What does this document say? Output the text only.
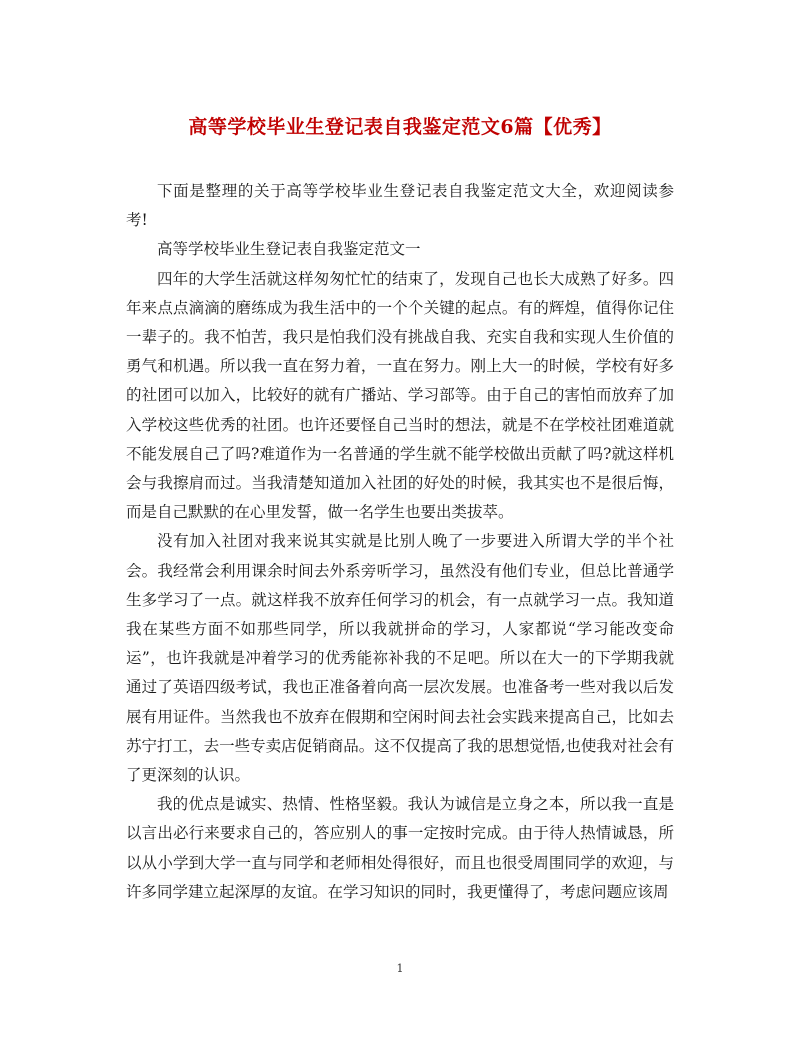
高等学校毕业生登记表自我鉴定范文6篇【优秀】

下面是整理的关于高等学校毕业生登记表自我鉴定范文大全，欢迎阅读参考!

高等学校毕业生登记表自我鉴定范文一

四年的大学生活就这样匆匆忙忙的结束了，发现自己也长大成熟了好多。四年来点点滴滴的磨练成为我生活中的一个个关键的起点。有的辉煌，值得你记住一辈子的。我不怕苦，我只是怕我们没有挑战自我、充实自我和实现人生价值的勇气和机遇。所以我一直在努力着，一直在努力。刚上大一的时候，学校有好多的社团可以加入，比较好的就有广播站、学习部等。由于自己的害怕而放弃了加入学校这些优秀的社团。也许还要怪自己当时的想法，就是不在学校社团难道就不能发展自己了吗?难道作为一名普通的学生就不能学校做出贡献了吗?就这样机会与我擦肩而过。当我清楚知道加入社团的好处的时候，我其实也不是很后悔，而是自己默默的在心里发誓，做一名学生也要出类拔萃。

没有加入社团对我来说其实就是比别人晚了一步要进入所谓大学的半个社会。我经常会利用课余时间去外系旁听学习，虽然没有他们专业，但总比普通学生多学习了一点。就这样我不放弃任何学习的机会，有一点就学习一点。我知道我在某些方面不如那些同学，所以我就拼命的学习，人家都说“学习能改变命运”，也许我就是冲着学习的优秀能祢补我的不足吧。所以在大一的下学期我就通过了英语四级考试，我也正准备着向高一层次发展。也准备考一些对我以后发展有用证件。当然我也不放弃在假期和空闲时间去社会实践来提高自己，比如去苏宁打工，去一些专卖店促销商品。这不仅提高了我的思想觉悟,也使我对社会有了更深刻的认识。

我的优点是诚实、热情、性格坚毅。我认为诚信是立身之本，所以我一直是以言出必行来要求自己的，答应别人的事一定按时完成。由于待人热情诚恳，所以从小学到大学一直与同学和老师相处得很好，而且也很受周围同学的欢迎，与许多同学建立起深厚的友谊。在学习知识的同时，我更懂得了，考虑问题应该周

1
